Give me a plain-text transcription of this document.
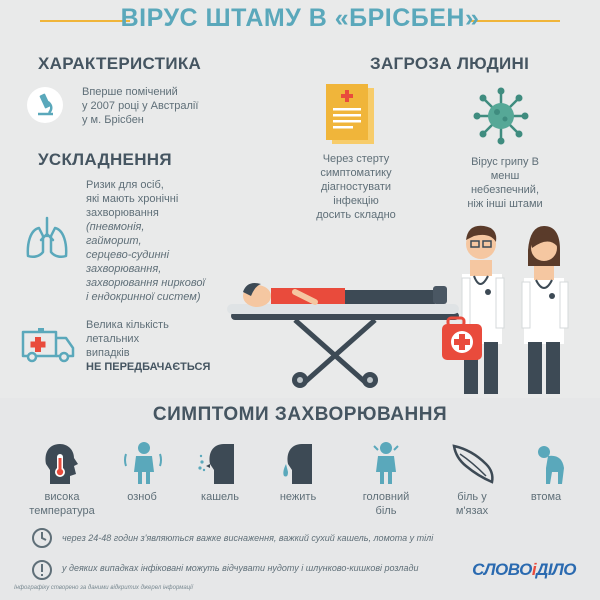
ВІРУС ШТАМУ В «БРІСБЕН»
ХАРАКТЕРИСТИКА
Вперше помічений
у 2007 році у Австралії
у м. Брісбен
УСКЛАДНЕННЯ
Ризик для осіб,
які мають хронічні
захворювання
(пневмонія,
гайморит,
серцево-судинні
захворювання,
захворювання ниркової
і ендокринної систем)
Велика кількість
летальних
випадків
НЕ ПЕРЕДБАЧАЄТЬСЯ
ЗАГРОЗА ЛЮДИНІ
Через стерту
симптоматику
діагностувати
інфекцію
досить складно
Вірус грипу В
менш
небезпечний,
ніж інші штами
СИМПТОМИ ЗАХВОРЮВАННЯ
висока
температура
озноб	кашель	нежить	головний
біль
біль у
м'язах
втома
через 24-48 годин з'являються важке виснаження, важкий сухий кашель, ломота у тілі
у деяких випадках інфіковані можуть відчувати нудоту і шлунково-кишкові розлади
Інфографіку створено за даними відкритих джерел інформації
СЛОВОіДІЛО
